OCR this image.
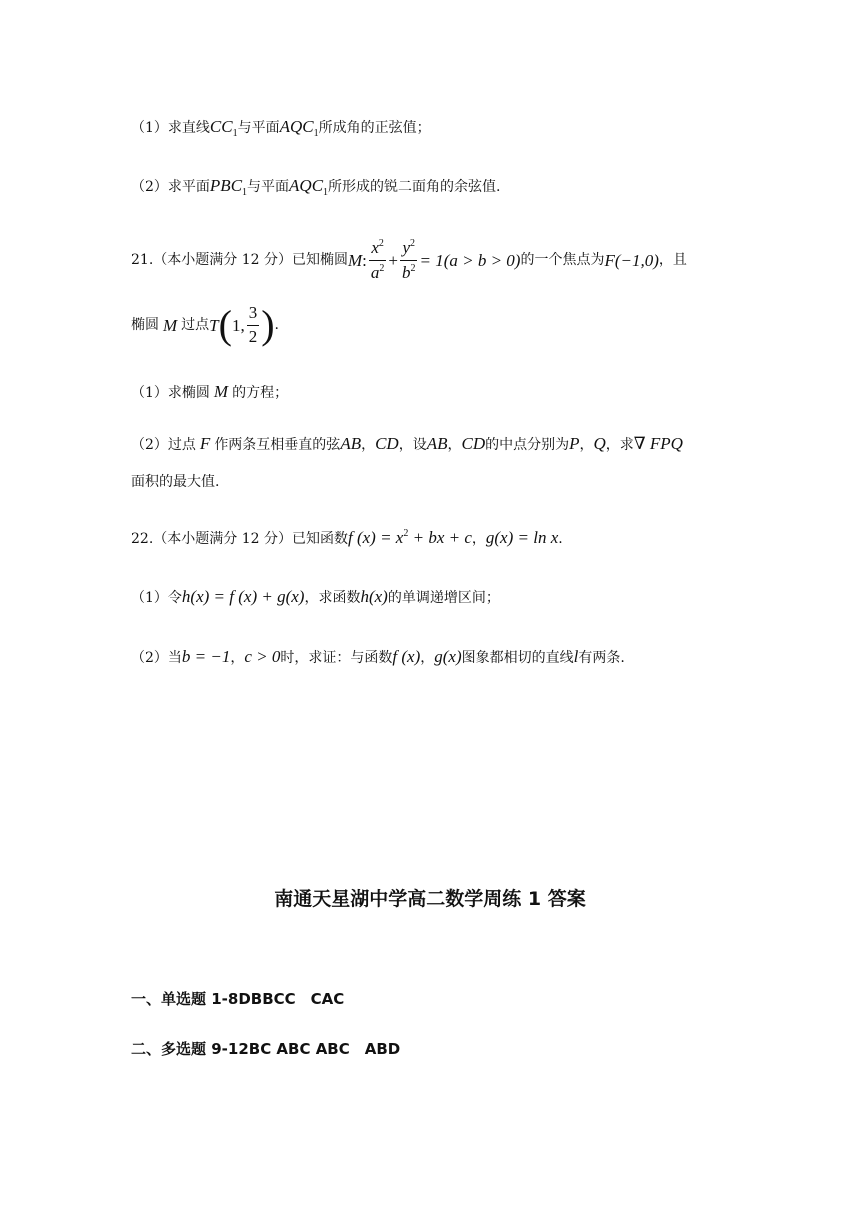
（1）求直线$CC_1$与平面$AQC_1$所成角的正弦值；
（2）求平面$PBC_1$与平面$AQC_1$所形成的锐二面角的余弦值.
21.（本小题满分 12 分）已知椭圆 M : $\frac{x^2}{a^2} + \frac{y^2}{b^2} = 1(a > b > 0)$ 的一个焦点为 F(−1,0) ，且
椭圆 M 过点 T ( 1, $\frac{3}{2}$ ) .
（1）求椭圆 M 的方程；
（2）过点 F 作两条互相垂直的弦AB，CD，设AB，CD的中点分别为P，Q，求∇ FPQ
面积的最大值.
22.（本小题满分 12 分）已知函数f $(x) = x^2$ + bx + c，g(x) = ln x.
（1）令h(x) = f (x) + g(x)，求函数h(x)的单调递增区间；
（2）当b = −1，c > 0时，求证：与函数f (x)，g(x)图象都相切的直线l有两条.
南通天星湖中学高二数学周练 1 答案
一、单选题 1-8DBBCC　CAC
二、多选题 9-12BC ABC ABC　ABD
